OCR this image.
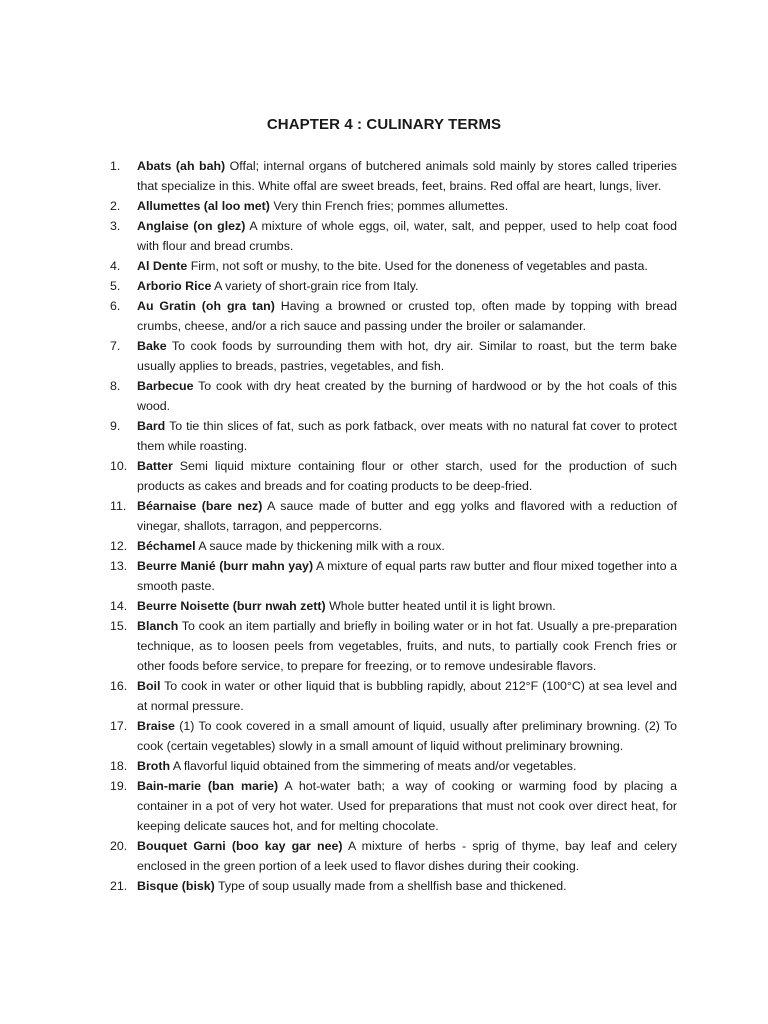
CHAPTER 4 : CULINARY TERMS
1.	Abats (ah bah) Offal; internal organs of butchered animals sold mainly by stores called triperies that specialize in this. White offal are sweet breads, feet, brains. Red offal are heart, lungs, liver.
2.	Allumettes (al loo met) Very thin French fries; pommes allumettes.
3.	Anglaise (on glez) A mixture of whole eggs, oil, water, salt, and pepper, used to help coat food with flour and bread crumbs.
4.	Al Dente Firm, not soft or mushy, to the bite. Used for the doneness of vegetables and pasta.
5.	Arborio Rice A variety of short-grain rice from Italy.
6.	Au Gratin (oh gra tan) Having a browned or crusted top, often made by topping with bread crumbs, cheese, and/or a rich sauce and passing under the broiler or salamander.
7.	Bake To cook foods by surrounding them with hot, dry air. Similar to roast, but the term bake usually applies to breads, pastries, vegetables, and fish.
8.	Barbecue To cook with dry heat created by the burning of hardwood or by the hot coals of this wood.
9.	Bard To tie thin slices of fat, such as pork fatback, over meats with no natural fat cover to protect them while roasting.
10. Batter Semi liquid mixture containing flour or other starch, used for the production of such products as cakes and breads and for coating products to be deep-fried.
11. Béarnaise (bare nez) A sauce made of butter and egg yolks and flavored with a reduction of vinegar, shallots, tarragon, and peppercorns.
12. Béchamel A sauce made by thickening milk with a roux.
13. Beurre Manié (burr mahn yay) A mixture of equal parts raw butter and flour mixed together into a smooth paste.
14. Beurre Noisette (burr nwah zett) Whole butter heated until it is light brown.
15. Blanch To cook an item partially and briefly in boiling water or in hot fat. Usually a pre-preparation technique, as to loosen peels from vegetables, fruits, and nuts, to partially cook French fries or other foods before service, to prepare for freezing, or to remove undesirable flavors.
16. Boil To cook in water or other liquid that is bubbling rapidly, about 212°F (100°C) at sea level and at normal pressure.
17. Braise (1) To cook covered in a small amount of liquid, usually after preliminary browning. (2) To cook (certain vegetables) slowly in a small amount of liquid without preliminary browning.
18. Broth A flavorful liquid obtained from the simmering of meats and/or vegetables.
19. Bain-marie (ban marie) A hot-water bath; a way of cooking or warming food by placing a container in a pot of very hot water. Used for preparations that must not cook over direct heat, for keeping delicate sauces hot, and for melting chocolate.
20. Bouquet Garni (boo kay gar nee) A mixture of herbs - sprig of thyme, bay leaf and celery enclosed in the green portion of a leek used to flavor dishes during their cooking.
21. Bisque (bisk) Type of soup usually made from a shellfish base and thickened.
